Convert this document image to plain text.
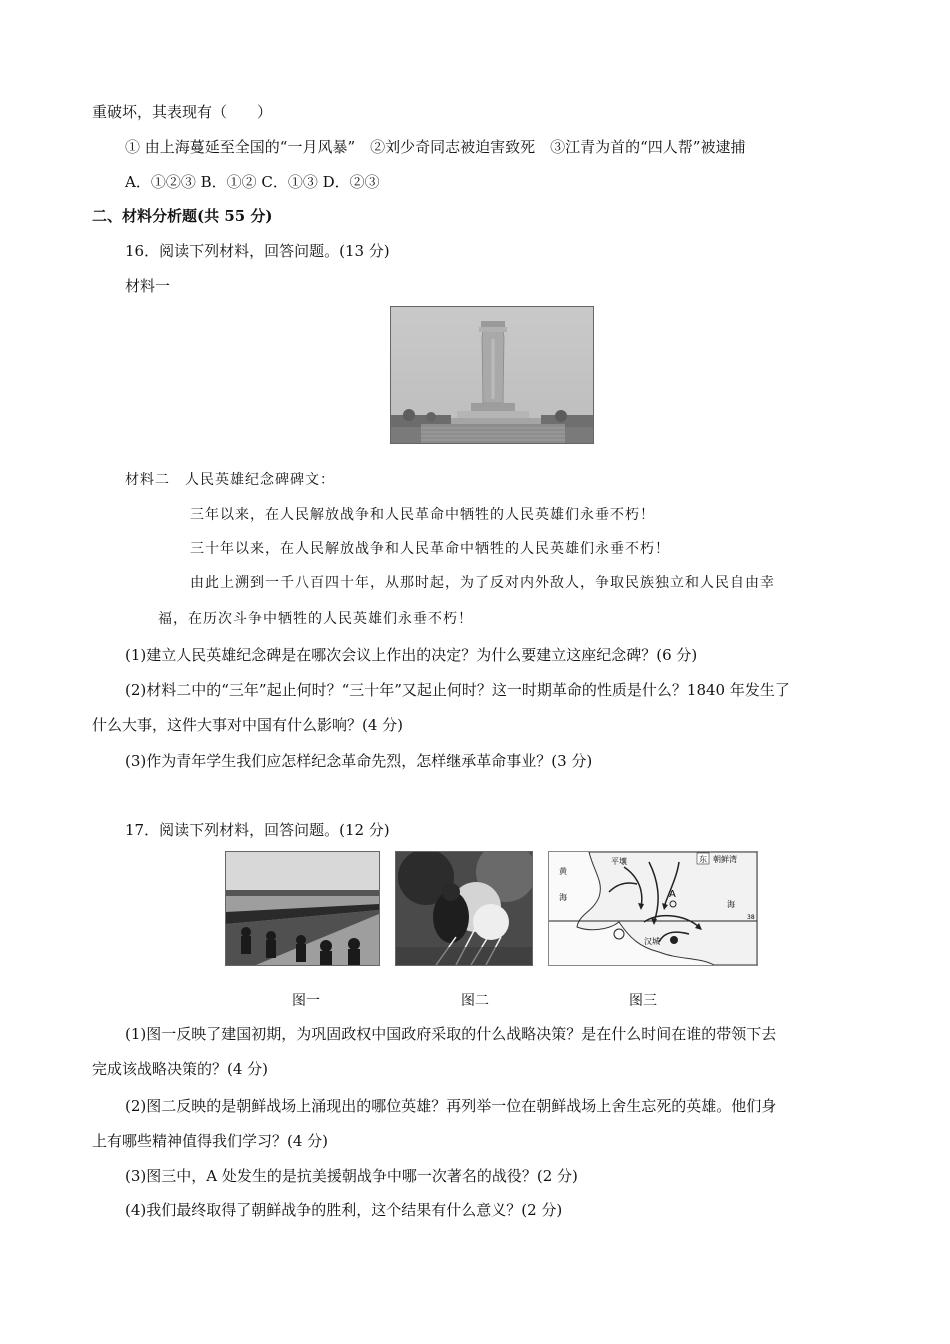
重破坏，其表现有（　　）
① 由上海蔓延至全国的“一月风暴”　②刘少奇同志被迫害致死　③江青为首的“四人帮”被逮捕
A．①②③ B．①② C．①③ D．②③
二、材料分析题(共 55 分)
16．阅读下列材料，回答问题。(13 分)
材料一
材料二　人民英雄纪念碑碑文：
三年以来，在人民解放战争和人民革命中牺牲的人民英雄们永垂不朽！
三十年以来，在人民解放战争和人民革命中牺牲的人民英雄们永垂不朽！
由此上溯到一千八百四十年，从那时起，为了反对内外敌人，争取民族独立和人民自由幸
福，在历次斗争中牺牲的人民英雄们永垂不朽！
(1)建立人民英雄纪念碑是在哪次会议上作出的决定？为什么要建立这座纪念碑？(6 分)
(2)材料二中的“三年”起止何时？“三十年”又起止何时？这一时期革命的性质是什么？1840 年发生了
什么大事，这件大事对中国有什么影响？(4 分)
(3)作为青年学生我们应怎样纪念革命先烈，怎样继承革命事业？(3 分)
17．阅读下列材料，回答问题。(12 分)
黄
海
平壤	东 朝鲜湾
A
海
汉城
38
图一	图二	图三
(1)图一反映了建国初期，为巩固政权中国政府采取的什么战略决策？是在什么时间在谁的带领下去
完成该战略决策的？(4 分)
(2)图二反映的是朝鲜战场上涌现出的哪位英雄？再列举一位在朝鲜战场上舍生忘死的英雄。他们身
上有哪些精神值得我们学习？(4 分)
(3)图三中，A 处发生的是抗美援朝战争中哪一次著名的战役？(2 分)
(4)我们最终取得了朝鲜战争的胜利，这个结果有什么意义？(2 分)
